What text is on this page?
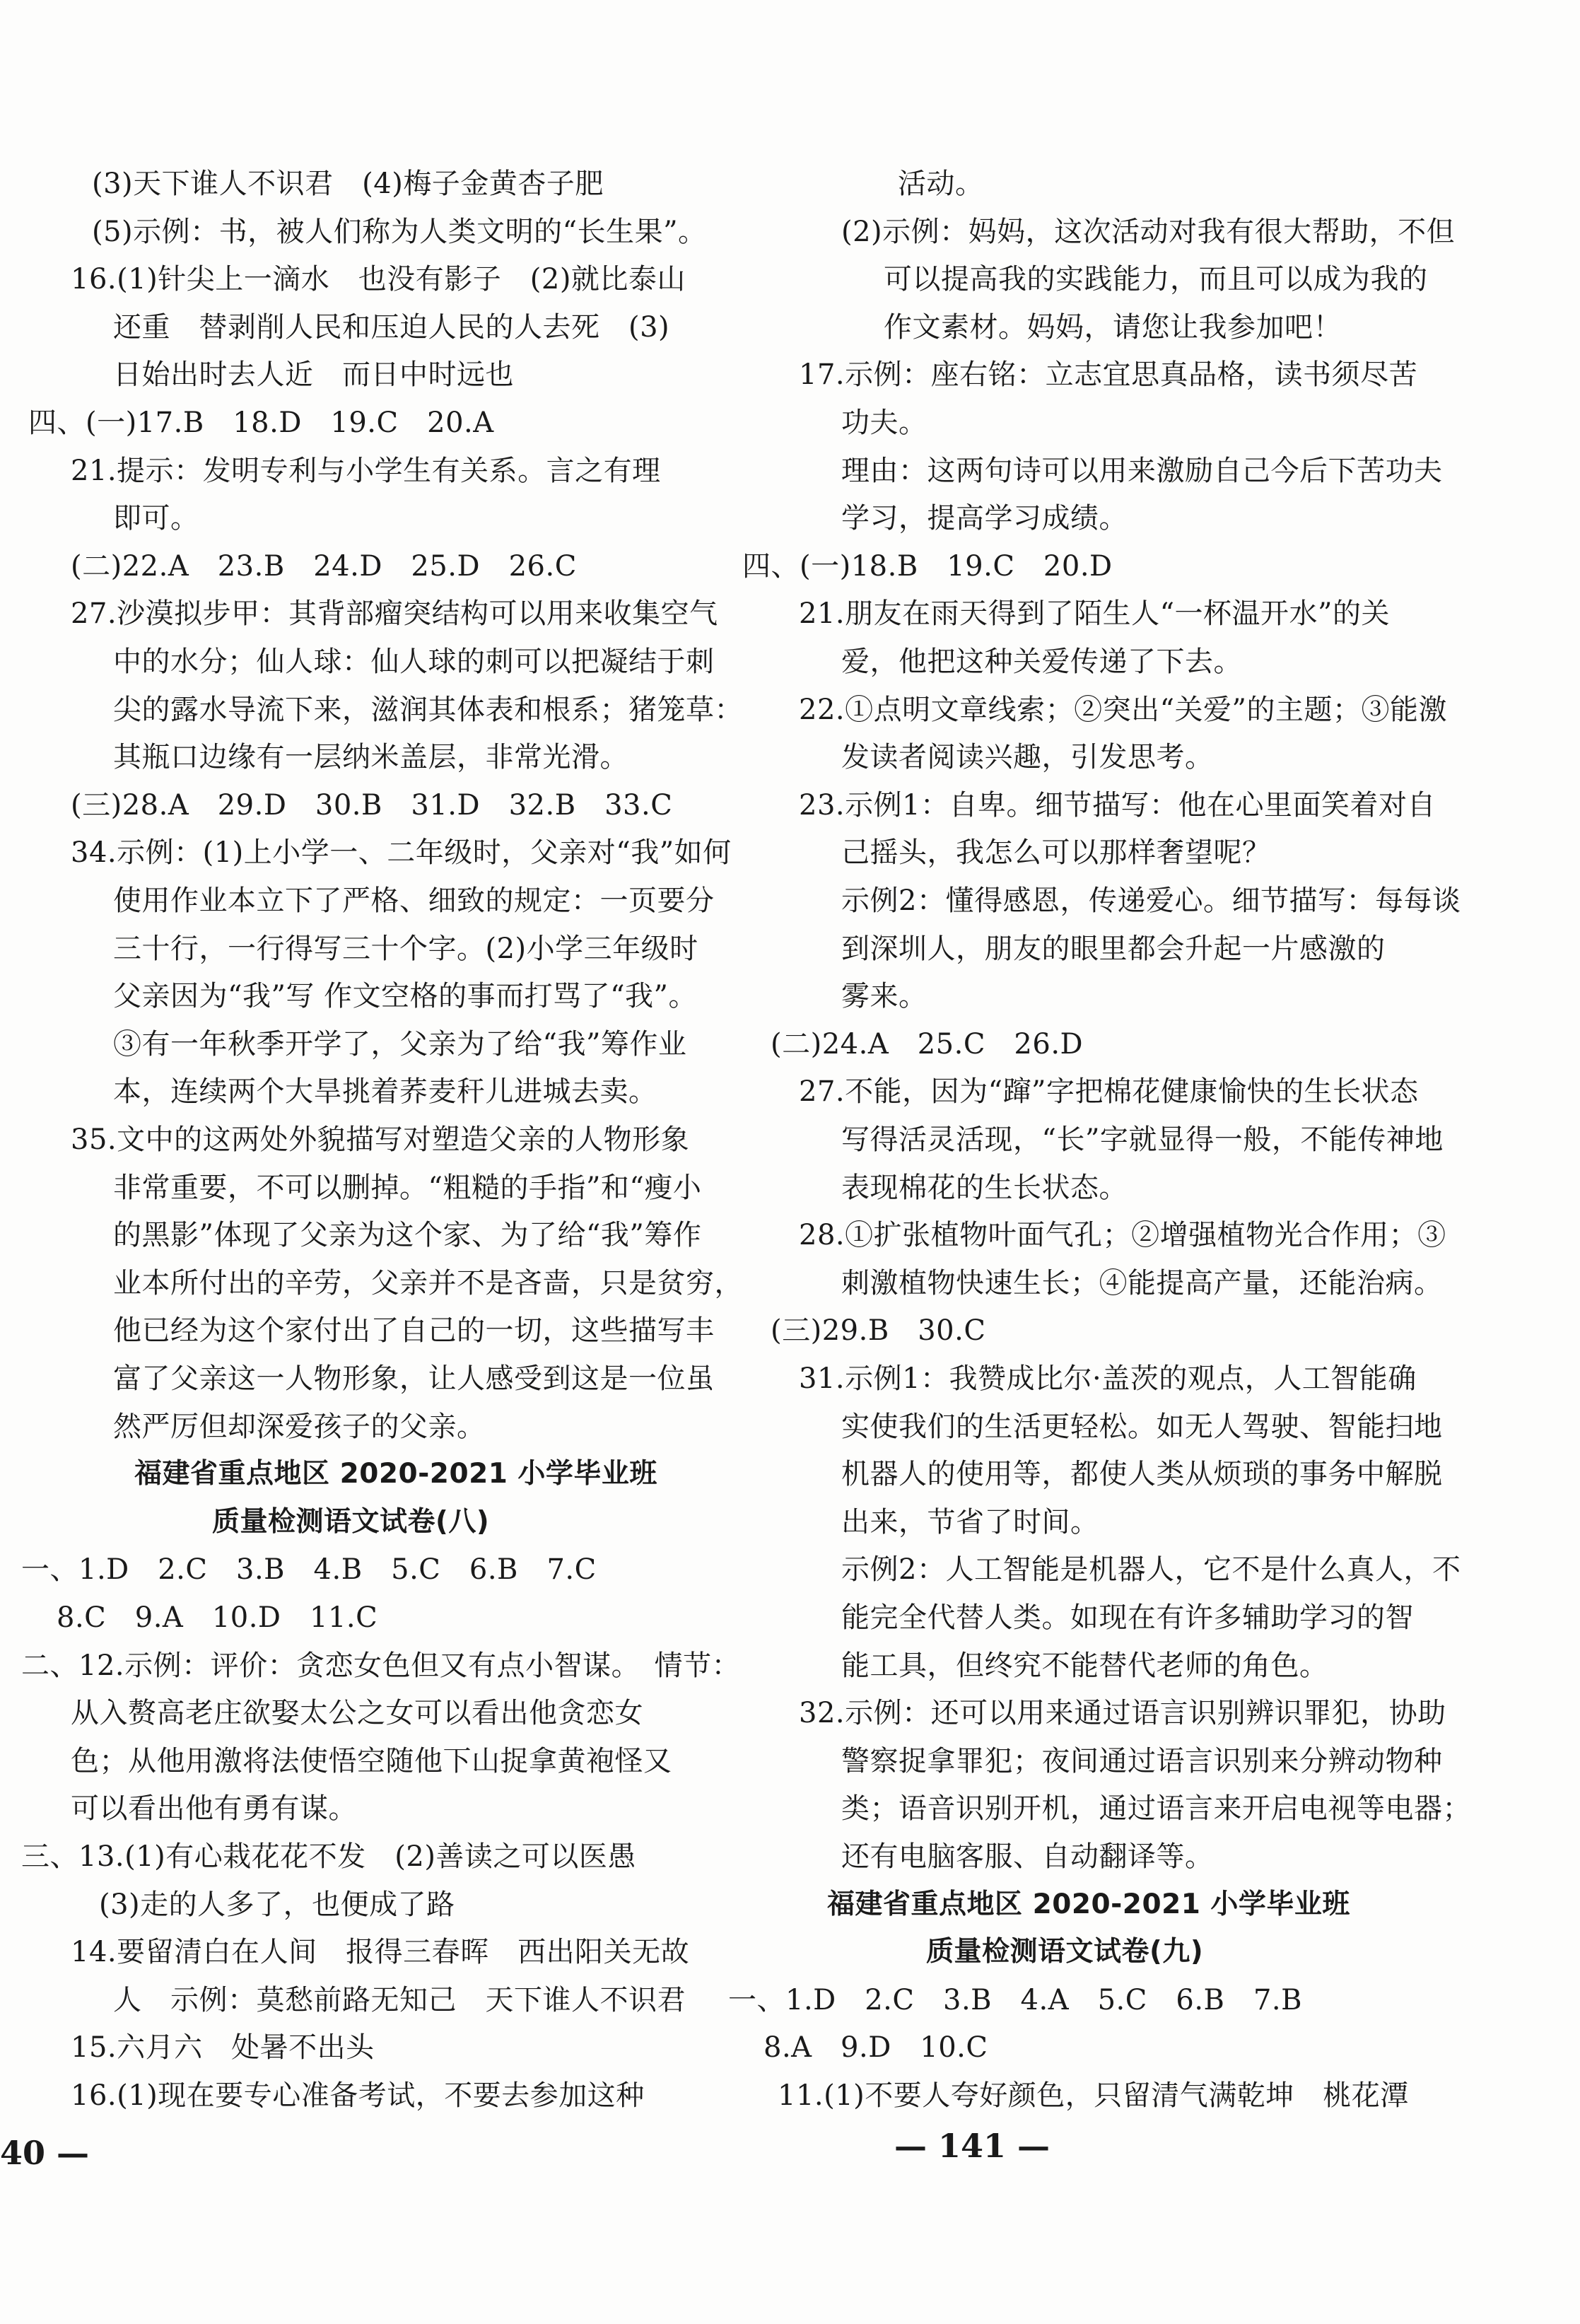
(3)天下谁人不识君　(4)梅子金黄杏子肥
(5)示例：书，被人们称为人类文明的“长生果”。
16.(1)针尖上一滴水　也没有影子　(2)就比泰山
还重　替剥削人民和压迫人民的人去死　(3)
日始出时去人近　而日中时远也
四、(一)17.B　18.D　19.C　20.A
21.提示：发明专利与小学生有关系。言之有理
即可。
(二)22.A　23.B　24.D　25.D　26.C
27.沙漠拟步甲：其背部瘤突结构可以用来收集空气
中的水分；仙人球：仙人球的刺可以把凝结于刺
尖的露水导流下来，滋润其体表和根系；猪笼草：
其瓶口边缘有一层纳米盖层，非常光滑。
(三)28.A　29.D　30.B　31.D　32.B　33.C
34.示例：(1)上小学一、二年级时，父亲对“我”如何
使用作业本立下了严格、细致的规定：一页要分
三十行，一行得写三十个字。(2)小学三年级时
父亲因为“我”写 作文空格的事而打骂了“我”。
③有一年秋季开学了，父亲为了给“我”筹作业
本，连续两个大旱挑着荞麦秆儿进城去卖。
35.文中的这两处外貌描写对塑造父亲的人物形象
非常重要，不可以删掉。“粗糙的手指”和“瘦小
的黑影”体现了父亲为这个家、为了给“我”筹作
业本所付出的辛劳，父亲并不是吝啬，只是贫穷，
他已经为这个家付出了自己的一切，这些描写丰
富了父亲这一人物形象，让人感受到这是一位虽
然严厉但却深爱孩子的父亲。
福建省重点地区 2020-2021 小学毕业班
质量检测语文试卷(八)
一、1.D　2.C　3.B　4.B　5.C　6.B　7.C
8.C　9.A　10.D　11.C
二、12.示例：评价：贪恋女色但又有点小智谋。　情节：
从入赘高老庄欲娶太公之女可以看出他贪恋女
色；从他用激将法使悟空随他下山捉拿黄袍怪又
可以看出他有勇有谋。
三、13.(1)有心栽花花不发　(2)善读之可以医愚
(3)走的人多了，也便成了路
14.要留清白在人间　报得三春晖　西出阳关无故
人　示例：莫愁前路无知己　天下谁人不识君
15.六月六　处暑不出头
16.(1)现在要专心准备考试，不要去参加这种
活动。
(2)示例：妈妈，这次活动对我有很大帮助，不但
可以提高我的实践能力，而且可以成为我的
作文素材。妈妈，请您让我参加吧！
17.示例：座右铭：立志宜思真品格，读书须尽苦
功夫。
理由：这两句诗可以用来激励自己今后下苦功夫
学习，提高学习成绩。
四、(一)18.B　19.C　20.D
21.朋友在雨天得到了陌生人“一杯温开水”的关
爱，他把这种关爱传递了下去。
22.①点明文章线索；②突出“关爱”的主题；③能激
发读者阅读兴趣，引发思考。
23.示例1：自卑。细节描写：他在心里面笑着对自
己摇头，我怎么可以那样奢望呢？
示例2：懂得感恩，传递爱心。细节描写：每每谈
到深圳人，朋友的眼里都会升起一片感激的
雾来。
(二)24.A　25.C　26.D
27.不能，因为“蹿”字把棉花健康愉快的生长状态
写得活灵活现，“长”字就显得一般，不能传神地
表现棉花的生长状态。
28.①扩张植物叶面气孔；②增强植物光合作用；③
刺激植物快速生长；④能提高产量，还能治病。
(三)29.B　30.C
31.示例1：我赞成比尔·盖茨的观点，人工智能确
实使我们的生活更轻松。如无人驾驶、智能扫地
机器人的使用等，都使人类从烦琐的事务中解脱
出来，节省了时间。
示例2：人工智能是机器人，它不是什么真人，不
能完全代替人类。如现在有许多辅助学习的智
能工具，但终究不能替代老师的角色。
32.示例：还可以用来通过语言识别辨识罪犯，协助
警察捉拿罪犯；夜间通过语言识别来分辨动物种
类；语音识别开机，通过语言来开启电视等电器；
还有电脑客服、自动翻译等。
福建省重点地区 2020-2021 小学毕业班
质量检测语文试卷(九)
一、1.D　2.C　3.B　4.A　5.C　6.B　7.B
8.A　9.D　10.C
11.(1)不要人夸好颜色，只留清气满乾坤　桃花潭
40 —	— 141 —
